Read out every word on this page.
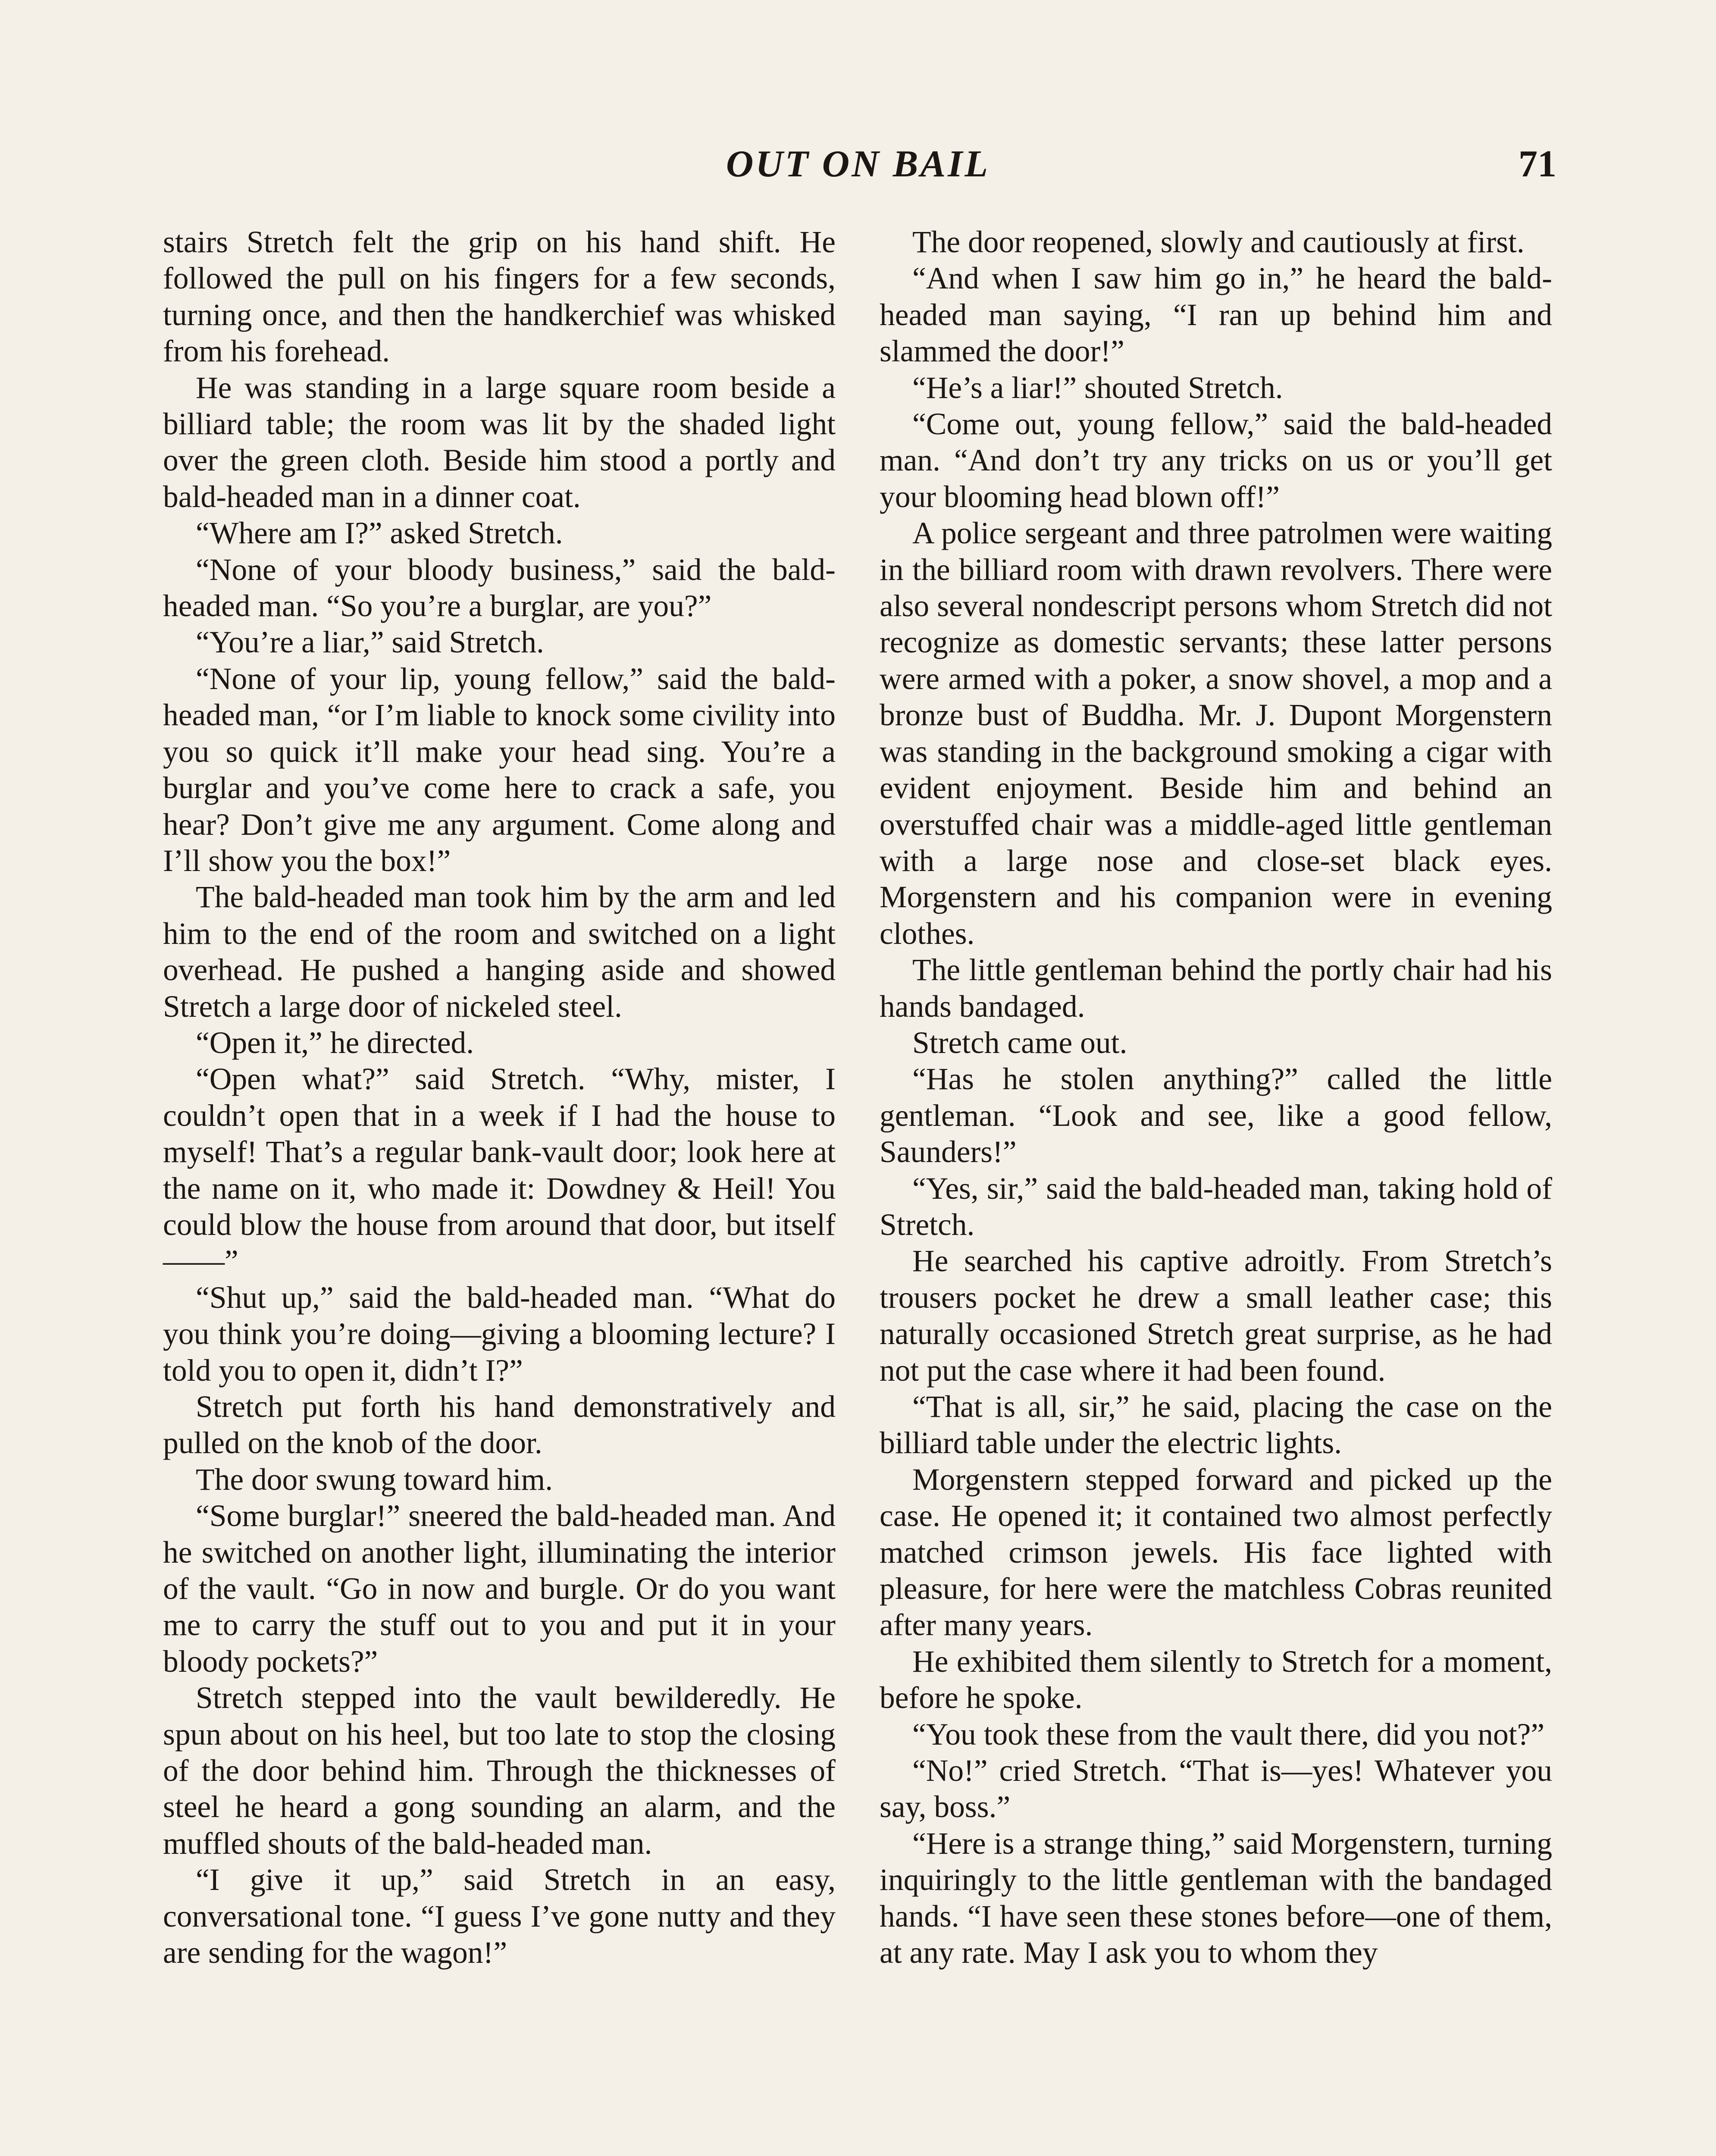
OUT ON BAIL	71

stairs Stretch felt the grip on his hand shift. He followed the pull on his fingers for a few seconds, turning once, and then the handkerchief was whisked from his forehead.

He was standing in a large square room beside a billiard table; the room was lit by the shaded light over the green cloth. Beside him stood a portly and bald-headed man in a dinner coat.

“Where am I?” asked Stretch.

“None of your bloody business,” said the bald-headed man. “So you’re a burglar, are you?”

“You’re a liar,” said Stretch.

“None of your lip, young fellow,” said the bald-headed man, “or I’m liable to knock some civility into you so quick it’ll make your head sing. You’re a burglar and you’ve come here to crack a safe, you hear? Don’t give me any argument. Come along and I’ll show you the box!”

The bald-headed man took him by the arm and led him to the end of the room and switched on a light overhead. He pushed a hanging aside and showed Stretch a large door of nickeled steel.

“Open it,” he directed.

“Open what?” said Stretch. “Why, mister, I couldn’t open that in a week if I had the house to myself! That’s a regular bank-vault door; look here at the name on it, who made it: Dowdney & Heil! You could blow the house from around that door, but itself——”

“Shut up,” said the bald-headed man. “What do you think you’re doing—giving a blooming lecture? I told you to open it, didn’t I?”

Stretch put forth his hand demonstratively and pulled on the knob of the door.

The door swung toward him.

“Some burglar!” sneered the bald-headed man. And he switched on another light, illuminating the interior of the vault. “Go in now and burgle. Or do you want me to carry the stuff out to you and put it in your bloody pockets?”

Stretch stepped into the vault bewilderedly. He spun about on his heel, but too late to stop the closing of the door behind him. Through the thicknesses of steel he heard a gong sounding an alarm, and the muffled shouts of the bald-headed man.

“I give it up,” said Stretch in an easy, conversational tone. “I guess I’ve gone nutty and they are sending for the wagon!”

The door reopened, slowly and cautiously at first.

“And when I saw him go in,” he heard the bald-headed man saying, “I ran up behind him and slammed the door!”

“He’s a liar!” shouted Stretch.

“Come out, young fellow,” said the bald-headed man. “And don’t try any tricks on us or you’ll get your blooming head blown off!”

A police sergeant and three patrolmen were waiting in the billiard room with drawn revolvers. There were also several nondescript persons whom Stretch did not recognize as domestic servants; these latter persons were armed with a poker, a snow shovel, a mop and a bronze bust of Buddha. Mr. J. Dupont Morgenstern was standing in the background smoking a cigar with evident enjoyment. Beside him and behind an overstuffed chair was a middle-aged little gentleman with a large nose and close-set black eyes. Morgenstern and his companion were in evening clothes.

The little gentleman behind the portly chair had his hands bandaged.

Stretch came out.

“Has he stolen anything?” called the little gentleman. “Look and see, like a good fellow, Saunders!”

“Yes, sir,” said the bald-headed man, taking hold of Stretch.

He searched his captive adroitly. From Stretch’s trousers pocket he drew a small leather case; this naturally occasioned Stretch great surprise, as he had not put the case where it had been found.

“That is all, sir,” he said, placing the case on the billiard table under the electric lights.

Morgenstern stepped forward and picked up the case. He opened it; it contained two almost perfectly matched crimson jewels. His face lighted with pleasure, for here were the matchless Cobras reunited after many years.

He exhibited them silently to Stretch for a moment, before he spoke.

“You took these from the vault there, did you not?”

“No!” cried Stretch. “That is—yes! Whatever you say, boss.”

“Here is a strange thing,” said Morgenstern, turning inquiringly to the little gentleman with the bandaged hands. “I have seen these stones before—one of them, at any rate. May I ask you to whom they
